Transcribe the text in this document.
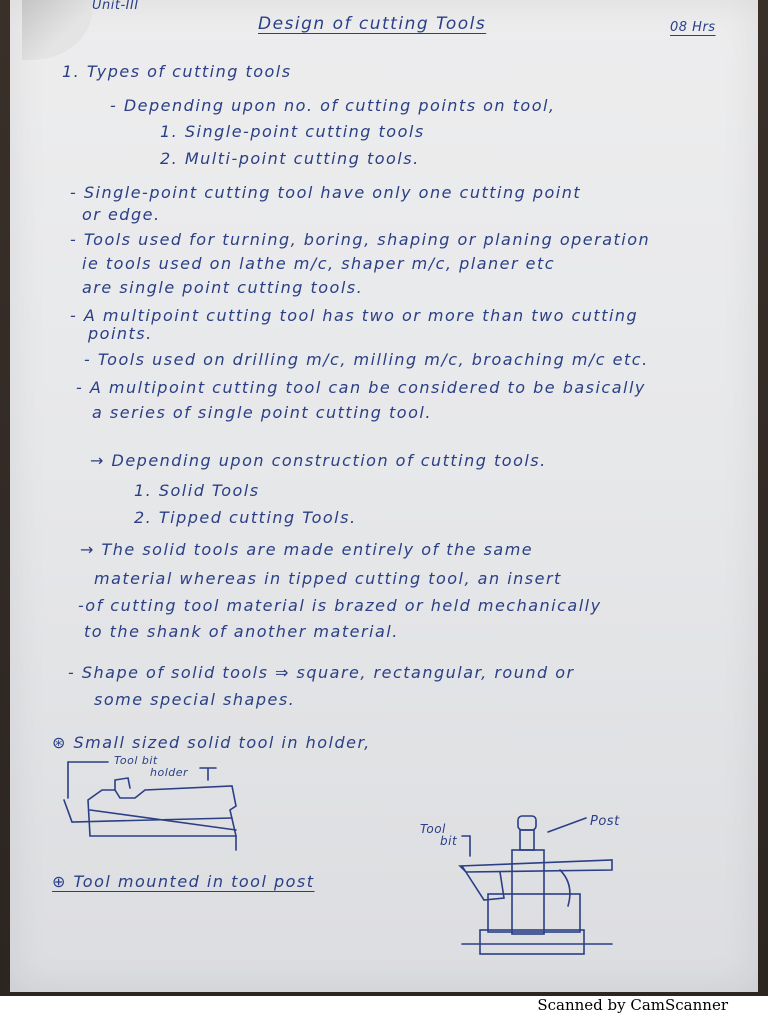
Unit-III
Design of cutting Tools	08 Hrs
1. Types of cutting tools
- Depending upon no. of cutting points on tool,
1. Single-point cutting tools
2. Multi-point cutting tools.
- Single-point cutting tool have only one cutting point
or edge.
- Tools used for turning, boring, shaping or planing operation
ie tools used on lathe m/c, shaper m/c, planer etc
are single point cutting tools.
- A multipoint cutting tool has two or more than two cutting
points.
- Tools used on drilling m/c, milling m/c, broaching m/c etc.
- A multipoint cutting tool can be considered to be basically
a series of single point cutting tool.
→ Depending upon construction of cutting tools.
1. Solid Tools
2. Tipped cutting Tools.
→ The solid tools are made entirely of the same
material whereas in tipped cutting tool, an insert
-of cutting tool material is brazed or held mechanically
to the shank of another material.
- Shape of solid tools ⇒ square, rectangular, round or
some special shapes.
⊛ Small sized solid tool in holder,
⊕ Tool mounted in tool post
Tool bit
holder
Tool
bit
Post
Scanned by CamScanner
